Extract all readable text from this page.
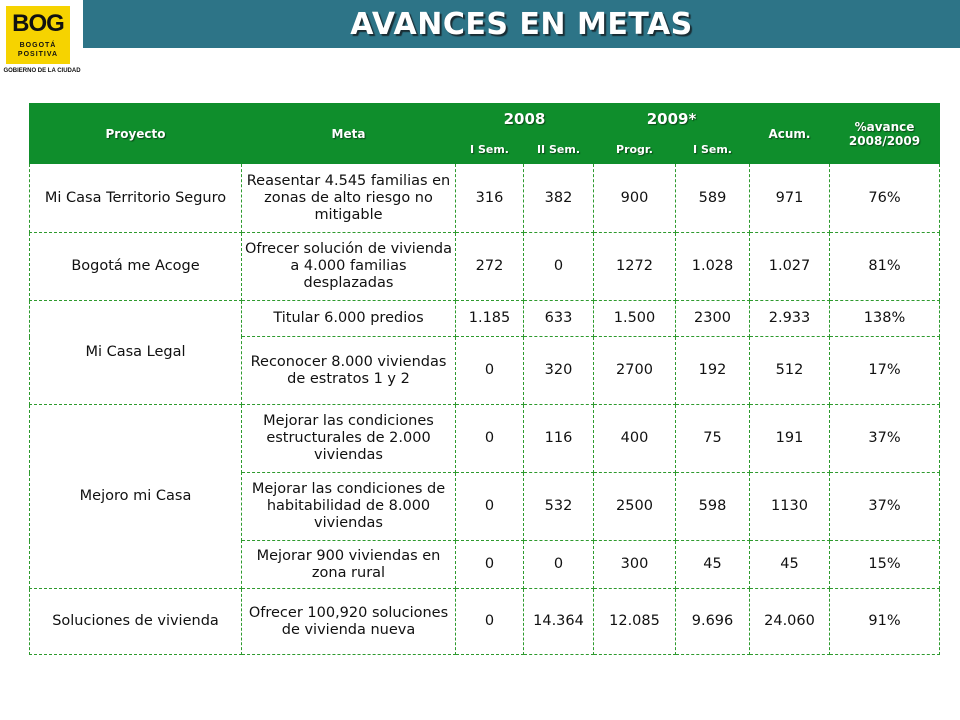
BOG
BOGOTÁ
POSITIVA
GOBIERNO DE LA CIUDAD
AVANCES EN METAS
Proyecto	Meta	2008		2009*		Acum.	%avance 2008/2009
		I Sem.	II Sem.	Progr.	I Sem.		
Mi Casa Territorio Seguro	Reasentar 4.545 familias en zonas de alto riesgo no mitigable	316	382	900	589	971	76%
Bogotá me Acoge	Ofrecer solución de vivienda a 4.000 familias desplazadas	272	0	1272	1.028	1.027	81%
Mi Casa Legal	Titular 6.000 predios	1.185	633	1.500	2300	2.933	138%
	Reconocer 8.000 viviendas de estratos 1 y 2	0	320	2700	192	512	17%
Mejoro mi Casa	Mejorar las condiciones estructurales de 2.000 viviendas	0	116	400	75	191	37%
	Mejorar las condiciones de habitabilidad de 8.000 viviendas	0	532	2500	598	1130	37%
	Mejorar 900 viviendas en zona rural	0	0	300	45	45	15%
Soluciones de vivienda	Ofrecer 100,920 soluciones de vivienda nueva	0	14.364	12.085	9.696	24.060	91%
